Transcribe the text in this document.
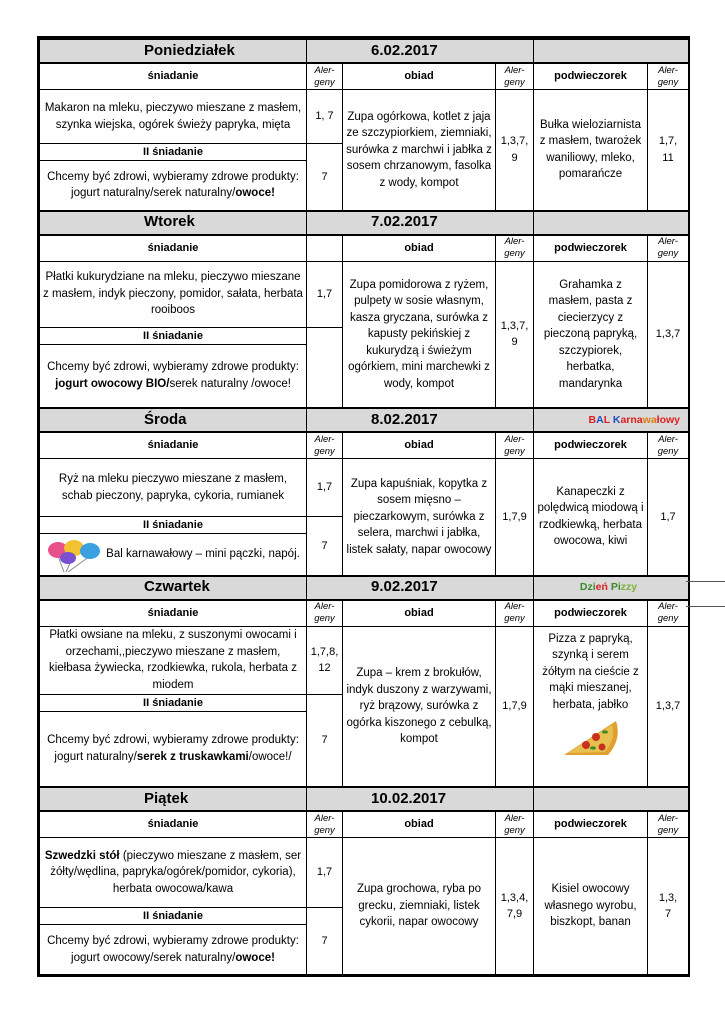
Poniedziałek	6.02.2017				
śniadanie	Aler-
geny	obiad	Aler-
geny	podwieczorek	Aler-
geny
Makaron na mleku, pieczywo mieszane z masłem, szynka wiejska, ogórek świeży papryka, mięta	1, 7	Zupa ogórkowa, kotlet z jaja ze szczypiorkiem, ziemniaki, surówka z marchwi i jabłka z sosem chrzanowym, fasolka z wody, kompot	1,3,7,
9	Bułka wieloziarnista z masłem, twarożek waniliowy, mleko, pomarańcze	1,7,
11
II śniadanie	7				
Chcemy być zdrowi, wybieramy zdrowe produkty: jogurt naturalny/serek naturalny/owoce!					
Wtorek	7.02.2017				
śniadanie		obiad	Aler-
geny	podwieczorek	Aler-
geny
Płatki kukurydziane na mleku, pieczywo mieszane z masłem, indyk pieczony, pomidor, sałata, herbata rooiboos	1,7	Zupa pomidorowa z ryżem, pulpety w sosie własnym, kasza gryczana, surówka z kapusty pekińskiej z kukurydzą i świeżym ogórkiem, mini marchewki z wody, kompot	1,3,7,
9	Grahamka z masłem, pasta z ciecierzycy z pieczoną papryką, szczypiorek, herbatka, mandarynka	1,3,7
II śniadanie					
Chcemy być zdrowi, wybieramy zdrowe produkty: jogurt owocowy BIO/serek naturalny /owoce!					
Środa	8.02.2017			BAL Karnawałowy	
śniadanie	Aler-
geny	obiad	Aler-
geny	podwieczorek	Aler-
geny
Ryż na mleku pieczywo mieszane z masłem, schab pieczony, papryka, cykoria, rumianek	1,7	Zupa kapuśniak, kopytka z sosem mięsno – pieczarkowym, surówka z selera, marchwi i jabłka, listek sałaty, napar owocowy	1,7,9	Kanapeczki z polędwicą miodową i rzodkiewką, herbata owocowa, kiwi	1,7
II śniadanie	7				

Bal karnawałowy – mini pączki, napój.					
Czwartek	9.02.2017			Dzień Pizzy	
śniadanie	Aler-
geny	obiad	Aler-
geny	podwieczorek	Aler-
geny
Płatki owsiane na mleku, z suszonymi owocami i orzechami,,pieczywo mieszane z masłem, kiełbasa żywiecka, rzodkiewka, rukola, herbata z miodem	1,7,8,
12	Zupa – krem z brokułów, indyk duszony z warzywami, ryż brązowy, surówka z ogórka kiszonego z cebulką, kompot	1,7,9	Pizza z papryką, szynką i serem żółtym na cieście z mąki mieszanej, herbata, jabłko	1,3,7
II śniadanie	7				
Chcemy być zdrowi, wybieramy zdrowe produkty: jogurt naturalny/serek z truskawkami/owoce!/					
Piątek	10.02.2017				
śniadanie	Aler-
geny	obiad	Aler-
geny	podwieczorek	Aler-
geny
Szwedzki stół (pieczywo mieszane z masłem, ser żółty/wędlina, papryka/ogórek/pomidor, cykoria), herbata owocowa/kawa	1,7	Zupa grochowa, ryba po grecku, ziemniaki, listek cykorii, napar owocowy	1,3,4,
7,9	Kisiel owocowy własnego wyrobu, biszkopt, banan	1,3,
7
II śniadanie	7				
Chcemy być zdrowi, wybieramy zdrowe produkty: jogurt owocowy/serek naturalny/owoce!					
